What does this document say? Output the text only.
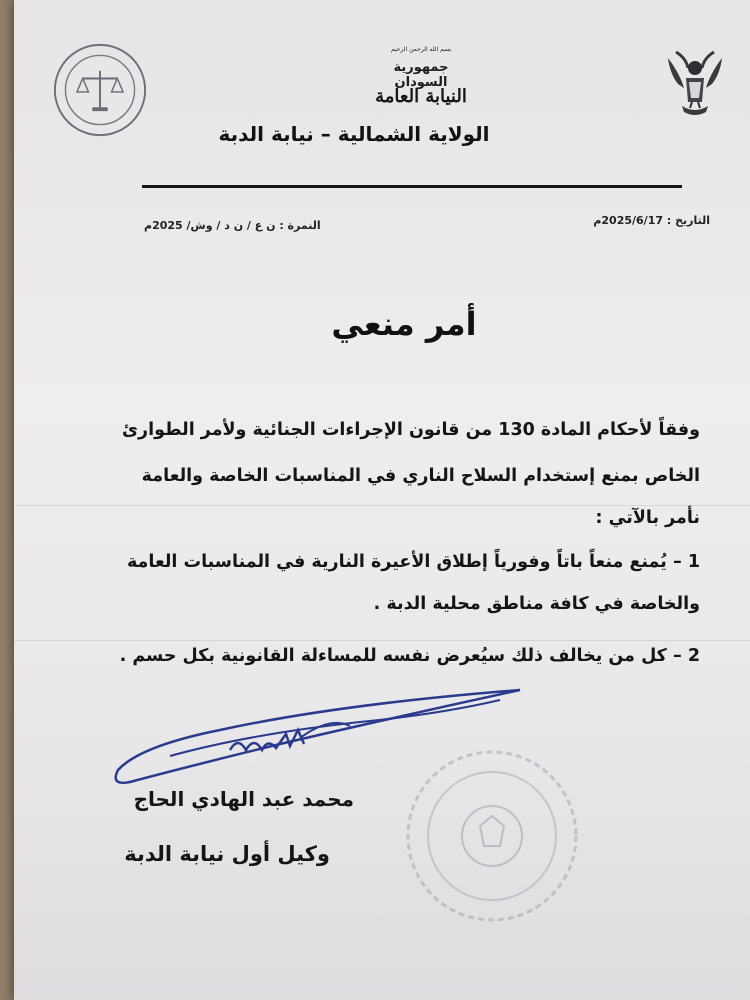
بسم الله الرحمن الرحيم
جمهورية السودان
النيابة العامة
الولاية الشمالية – نيابة الدبة
التاريخ : 2025/6/17م
النمرة : ن ع / ن د / وش/ 2025م
أمر منعي
وفقاً لأحكام المادة 130 من قانون الإجراءات الجنائية ولأمر الطوارئ
الخاص بمنع إستخدام السلاح الناري في المناسبات الخاصة والعامة
نأمر بالآتي :
1 – يُمنع منعاً باتاً وفورياً إطلاق الأعيرة النارية في المناسبات العامة
والخاصة في كافة مناطق محلية الدبة .
2 – كل من يخالف ذلك سيُعرض نفسه للمساءلة القانونية بكل حسم .
محمد عبد الهادي الحاج
وكيل أول نيابة الدبة
